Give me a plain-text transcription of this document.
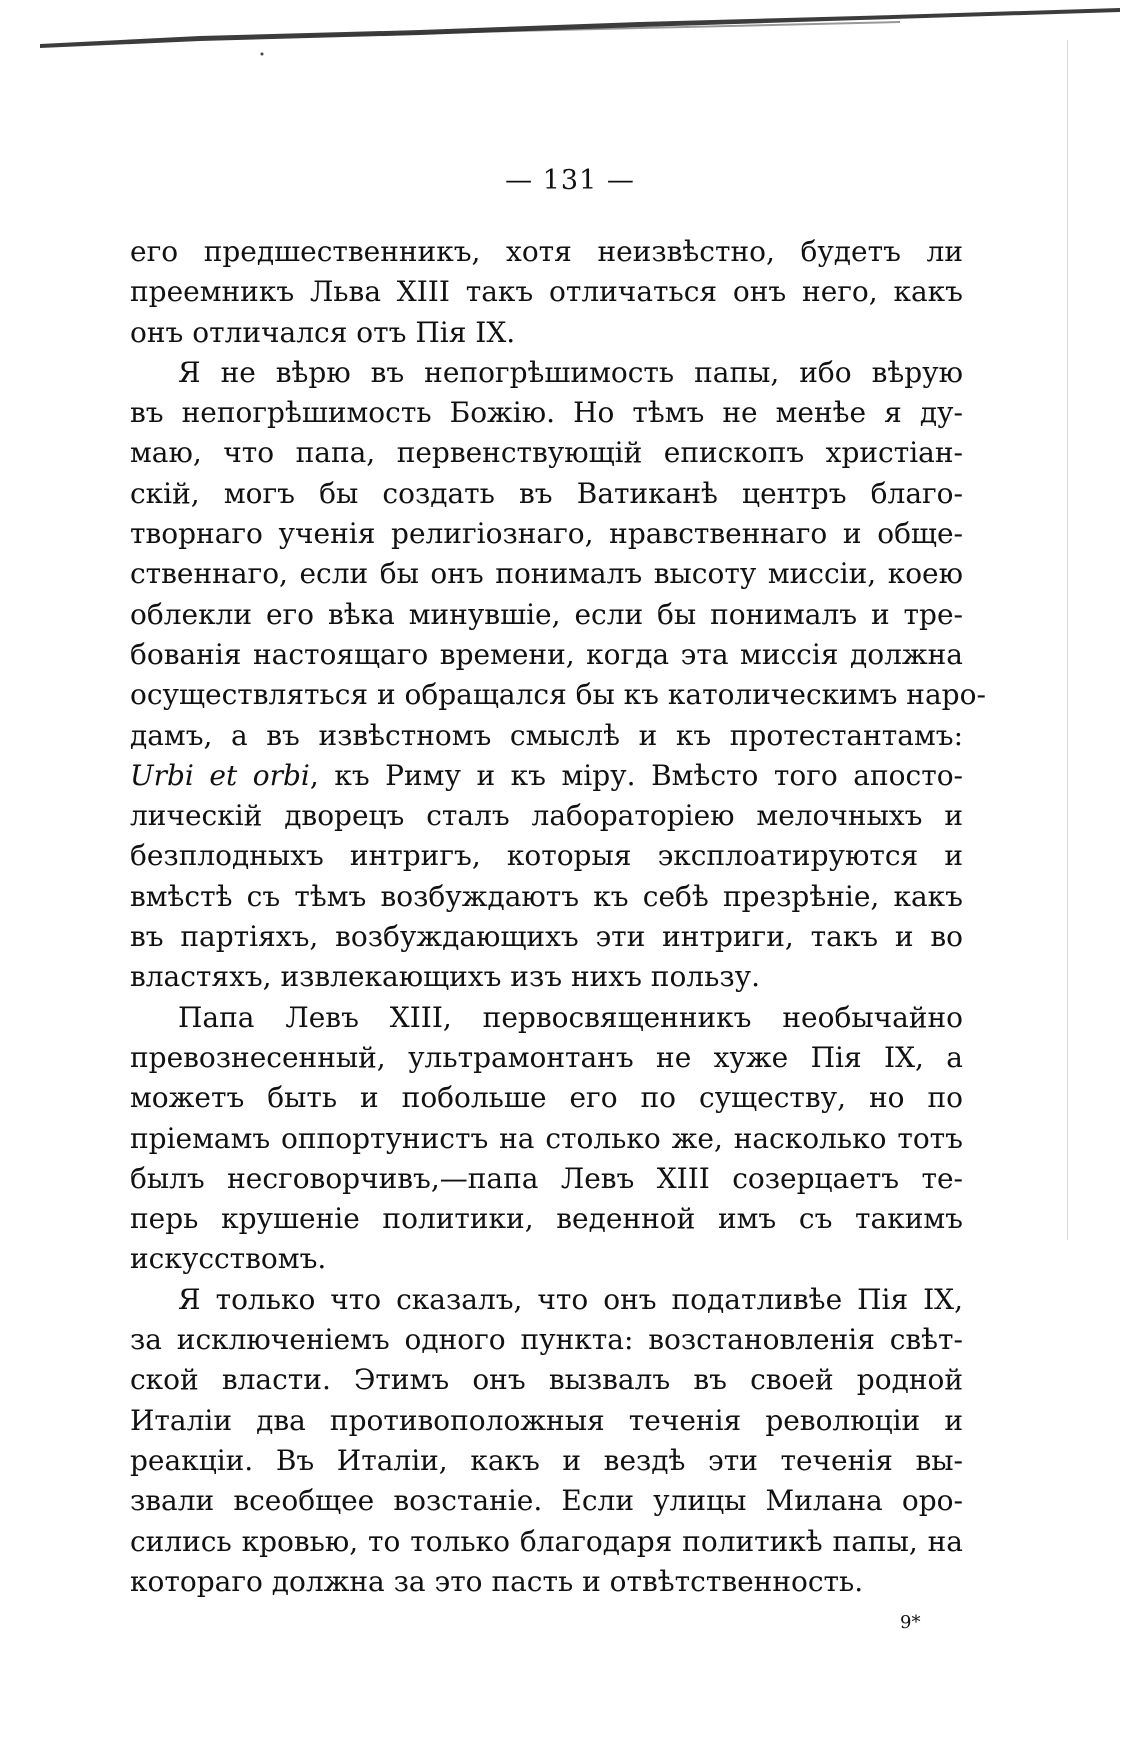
— 131 —
его предшественникъ, хотя неизвѣстно, будетъ ли
преемникъ Льва XIII такъ отличаться онъ него, какъ
онъ отличался отъ Пія IX.
Я не вѣрю въ непогрѣшимость папы, ибо вѣрую
въ непогрѣшимость Божію. Но тѣмъ не менѣе я ду-
маю, что папа, первенствующій епископъ христіан-
скій, могъ бы создать въ Ватиканѣ центръ благо-
творнаго ученія религіознаго, нравственнаго и обще-
ственнаго, если бы онъ понималъ высоту миссіи, коею
облекли его вѣка минувшіе, если бы понималъ и тре-
бованія настоящаго времени, когда эта миссія должна
осуществляться и обращался бы къ католическимъ наро-
дамъ, а въ извѣстномъ смыслѣ и къ протестантамъ:
Urbi et orbi, къ Риму и къ міру. Вмѣсто того апосто-
лическій дворецъ сталъ лабораторіею мелочныхъ и
безплодныхъ интригъ, которыя эксплоатируются и
вмѣстѣ съ тѣмъ возбуждаютъ къ себѣ презрѣніе, какъ
въ партіяхъ, возбуждающихъ эти интриги, такъ и во
властяхъ, извлекающихъ изъ нихъ пользу.
Папа Левъ XIII, первосвященникъ необычайно
превознесенный, ультрамонтанъ не хуже Пія IX, а
можетъ быть и побольше его по существу, но по
пріемамъ оппортунистъ на столько же, насколько тотъ
былъ несговорчивъ,—папа Левъ XIII созерцаетъ те-
перь крушеніе политики, веденной имъ съ такимъ
искусствомъ.
Я только что сказалъ, что онъ податливѣе Пія IX,
за исключеніемъ одного пункта: возстановленія свѣт-
ской власти. Этимъ онъ вызвалъ въ своей родной
Италіи два противоположныя теченія революціи и
реакціи. Въ Италіи, какъ и вездѣ эти теченія вы-
звали всеобщее возстаніе. Если улицы Милана оро-
сились кровью, то только благодаря политикѣ папы, на
котораго должна за это пасть и отвѣтственность.
9*
